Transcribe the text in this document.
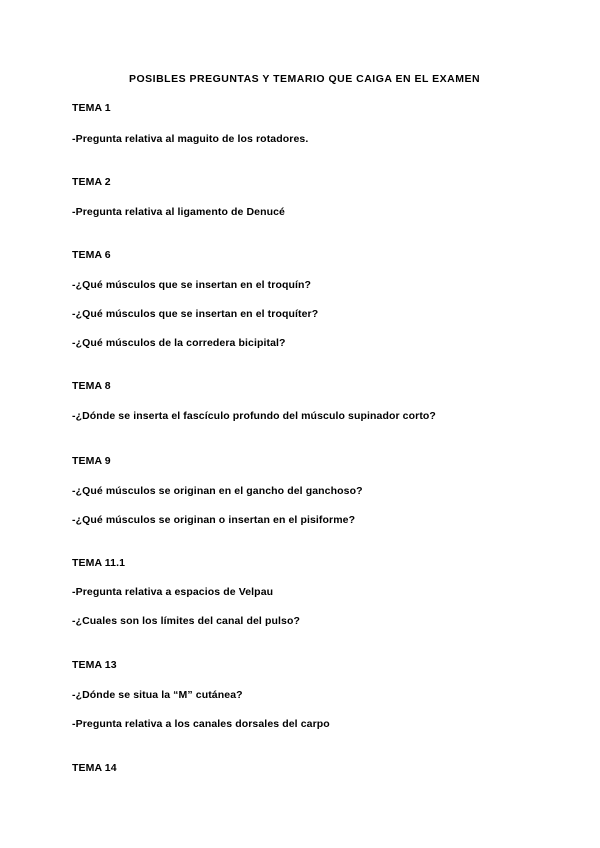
POSIBLES PREGUNTAS Y TEMARIO QUE CAIGA EN EL EXAMEN
TEMA 1
-Pregunta relativa al maguito de los rotadores.
TEMA 2
-Pregunta relativa al ligamento de Denucé
TEMA 6
-¿Qué músculos que se insertan en el troquín?
-¿Qué músculos que se insertan en el troquíter?
-¿Qué músculos de la corredera bicipital?
TEMA 8
-¿Dónde se inserta el fascículo profundo del músculo supinador corto?
TEMA 9
-¿Qué músculos se originan en el gancho del ganchoso?
-¿Qué músculos se originan o insertan en el pisiforme?
TEMA 11.1
-Pregunta relativa a espacios de Velpau
-¿Cuales son los límites del canal del pulso?
TEMA 13
-¿Dónde se situa la “M” cutánea?
-Pregunta relativa a los canales dorsales del carpo
TEMA 14
